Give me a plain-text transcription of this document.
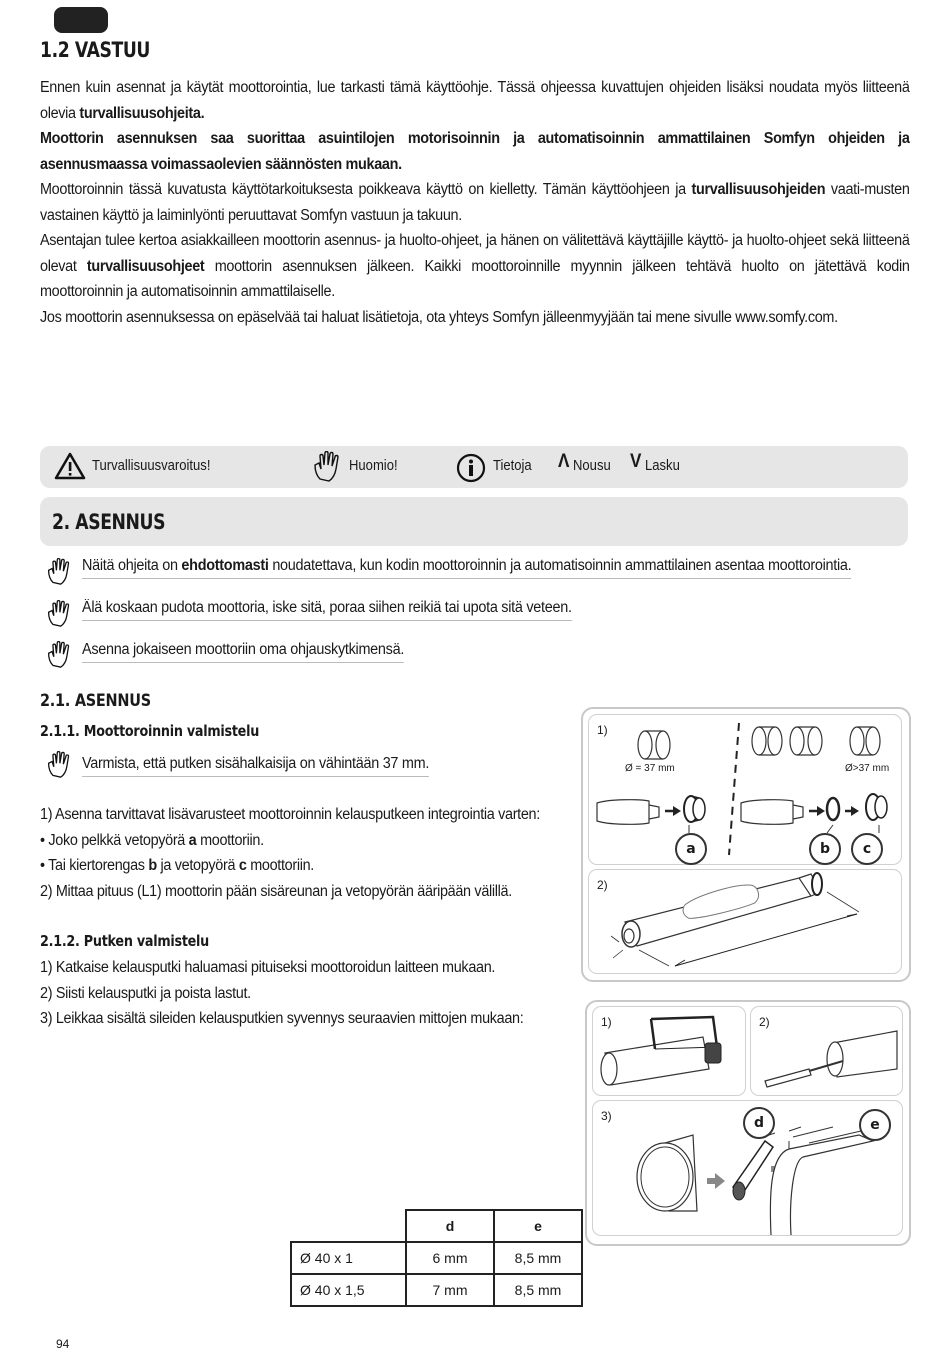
1.2 VASTUU
Ennen kuin asennat ja käytät moottorointia, lue tarkasti tämä käyttöohje. Tässä ohjeessa kuvattujen ohjeiden lisäksi noudata myös liitteenä olevia turvallisuusohjeita.
Moottorin asennuksen saa suorittaa asuintilojen motorisoinnin ja automatisoinnin ammattilainen Somfyn ohjeiden ja asennusmaassa voimassaolevien säännösten mukaan.
Moottoroinnin tässä kuvatusta käyttötarkoituksesta poikkeava käyttö on kielletty. Tämän käyttöohjeen ja turvallisuusohjeiden vaati-musten vastainen käyttö ja laiminlyönti peruuttavat Somfyn vastuun ja takuun.
Asentajan tulee kertoa asiakkailleen moottorin asennus- ja huolto-ohjeet, ja hänen on välitettävä käyttäjille käyttö- ja huolto-ohjeet sekä liitteenä olevat turvallisuusohjeet moottorin asennuksen jälkeen. Kaikki moottoroinnille myynnin jälkeen tehtävä huolto on jätettävä kodin moottoroinnin ja automatisoinnin ammattilaiselle.
Jos moottorin asennuksessa on epäselvää tai haluat lisätietoja, ota yhteys Somfyn jälleenmyyjään tai mene sivulle www.somfy.com.
Turvallisuusvaroitus!	Huomio!	Tietoja Λ Nousu V Lasku
2. ASENNUS
Näitä ohjeita on ehdottomasti noudatettava, kun kodin moottoroinnin ja automatisoinnin ammattilainen asentaa moottorointia.
Älä koskaan pudota moottoria, iske sitä, poraa siihen reikiä tai upota sitä veteen.
Asenna jokaiseen moottoriin oma ohjauskytkimensä.
2.1. ASENNUS
2.1.1. Moottoroinnin valmistelu
Varmista, että putken sisähalkaisija on vähintään 37 mm.
1) Asenna tarvittavat lisävarusteet moottoroinnin kelausputkeen integrointia varten:
• Joko pelkkä vetopyörä a moottoriin.
• Tai kiertorengas b ja vetopyörä c moottoriin.
2) Mittaa pituus (L1) moottorin pään sisäreunan ja vetopyörän ääripään välillä.
2.1.2. Putken valmistelu
1) Katkaise kelausputki haluamasi pituiseksi moottoroidun laitteen mukaan.
2) Siisti kelausputki ja poista lastut.
3) Leikkaa sisältä sileiden kelausputkien syvennys seuraavien mittojen mukaan:
1)
Ø = 37 mm	Ø>37 mm
a	b	c
2)
1)	2)
3)	d	e
	d	e
Ø 40 x 1	6 mm	8,5 mm
Ø 40 x 1,5	7 mm	8,5 mm
94
